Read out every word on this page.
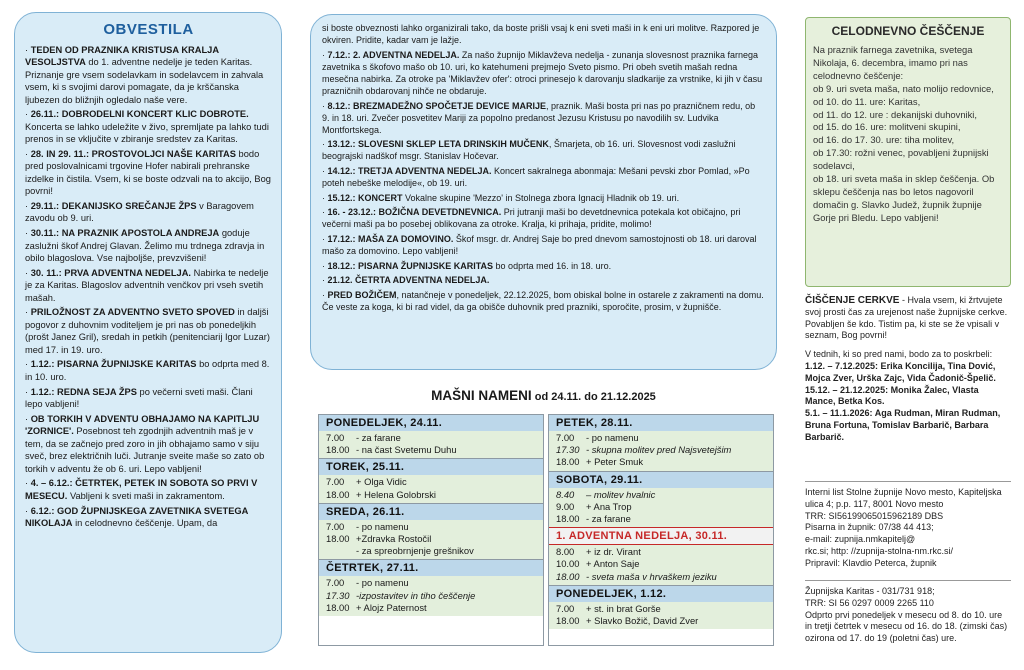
OBVESTILA
· TEDEN OD PRAZNIKA KRISTUSA KRALJA VESOLJSTVA do 1. adventne nedelje je teden Karitas. Priznanje gre vsem sodelavkam in sodelavcem in zahvala vsem, ki s svojimi darovi pomagate, da je krščanska ljubezen do bližnjih ogledalo naše vere.
· 26.11.: DOBRODELNI KONCERT KLIC DOBROTE. Koncerta se lahko udeležite v živo, spremljate pa lahko tudi prenos in se vključite v zbiranje sredstev za Karitas.
· 28. IN 29. 11.: PROSTOVOLJCI NAŠE KARITAS bodo pred poslovalnicami trgovine Hofer nabirali prehranske izdelke in čistila. Vsem, ki se boste odzvali na to akcijo, Bog povrni!
· 29.11.: DEKANIJSKO SREČANJE ŽPS v Baragovem zavodu ob 9. uri.
· 30.11.: NA PRAZNIK APOSTOLA ANDREJA goduje zaslužni škof Andrej Glavan. Želimo mu trdnega zdravja in obilo blagoslova. Vse najboljše, prevzvišeni!
· 30. 11.: PRVA ADVENTNA NEDELJA. Nabirka te nedelje je za Karitas. Blagoslov adventnih venčkov pri vseh svetih mašah.
· PRILOŽNOST ZA ADVENTNO SVETO SPOVED in daljši pogovor z duhovnim voditeljem je pri nas ob ponedeljkih (prošt Janez Gril), sredah in petkih (penitenciarij Igor Luzar) med 17. in 19. uro.
· 1.12.: PISARNA ŽUPNIJSKE KARITAS bo odprta med 8. in 10. uro.
· 1.12.: REDNA SEJA ŽPS po večerni sveti maši. Člani lepo vabljeni!
· OB TORKIH V ADVENTU OBHAJAMO NA KAPITLJU 'ZORNICE'. Posebnost teh zgodnjih adventnih maš je v tem, da se začnejo pred zoro in jih obhajamo samo v siju sveč, brez električnih luči. Jutranje sveite maše so zato ob torkih v adventu že ob 6. uri. Lepo vabljeni!
· 4. – 6.12.: ČETRTEK, PETEK IN SOBOTA SO PRVI V MESECU. Vabljeni k sveti maši in zakramentom.
· 6.12.: GOD ŽUPNIJSKEGA ZAVETNIKA SVETEGA NIKOLAJA in celodnevno češčenje. Upam, da
si boste obveznosti lahko organizirali tako, da boste prišli vsaj k eni sveti maši in k eni uri molitve. Razpored je okviren. Pridite, kadar vam je lažje.
· 7.12.: 2. ADVENTNA NEDELJA. Za našo župnijo Miklavževa nedelja - zunanja slovesnost praznika farnega zavetnika s škofovo mašo ob 10. uri, ko katehumeni prejmejo Sveto pismo. Pri obeh svetih mašah redna mesečna nabirka. Za otroke pa 'Miklavžev ofer': otroci prinesejo k darovanju sladkarije za vrstnike, ki jih v času prazničnih obdarovanj nihče ne obdaruje.
· 8.12.: BREZMADEŽNO SPOČETJE DEVICE MARIJE, praznik. Maši bosta pri nas po prazničnem redu, ob 9. in 18. uri. Zvečer posvetitev Mariji za popolno predanost Jezusu Kristusu po navodilih sv. Ludvika Montfortskega.
· 13.12.: SLOVESNI SKLEP LETA DRINSKIH MUČENK, Šmarjeta, ob 16. uri. Slovesnost vodi zaslužni beograjski nadškof msgr. Stanislav Hočevar.
· 14.12.: TRETJA ADVENTNA NEDELJA. Koncert sakralnega abonmaja: Mešani pevski zbor Pomlad, »Po poteh nebeške melodije«, ob 19. uri.
· 15.12.: KONCERT Vokalne skupine 'Mezzo' in Stolnega zbora Ignacij Hladnik ob 19. uri.
· 16. - 23.12.: BOŽIČNA DEVETDNEVNICA. Pri jutranji maši bo devetdnevnica potekala kot običajno, pri večerni maši pa bo posebej oblikovana za otroke. Kralja, ki prihaja, pridite, molimo!
· 17.12.: MAŠA ZA DOMOVINO. Škof msgr. dr. Andrej Saje bo pred dnevom samostojnosti ob 18. uri daroval mašo za domovino. Lepo vabljeni!
· 18.12.: PISARNA ŽUPNIJSKE KARITAS bo odprta med 16. in 18. uro.
· 21.12. ČETRTA ADVENTNA NEDELJA.
· PRED BOŽIČEM, natančneje v ponedeljek, 22.12.2025, bom obiskal bolne in ostarele z zakramenti na domu. Če veste za koga, ki bi rad videl, da ga obišče duhovnik pred prazniki, sporočite, prosim, v župnišče.
MAŠNI NAMENI od 24.11. do 21.12.2025
PONEDELJEK, 24.11.
7.00	- za farane
18.00 - na čast Svetemu Duhu
TOREK, 25.11.
7.00	+ Olga Vidic
18.00 + Helena Golobrski
SREDA, 26.11.
7.00	- po namenu
18.00 +Zdravka Rostočil
- za spreobrnjenje grešnikov
ČETRTEK, 27.11.
7.00	- po namenu
17.30 -izpostavitev in tiho češčenje
18.00 + Alojz Paternost
PETEK, 28.11.
7.00	- po namenu
17.30 - skupna molitev pred Najsvetejšim
18.00 + Peter Smuk
SOBOTA, 29.11.
8.40	– molitev hvalnic
9.00	+ Ana Trop
18.00 - za farane
1. ADVENTNA NEDELJA, 30.11.
8.00	+ iz dr. Virant
10.00 + Anton Saje
18.00 - sveta maša v hrvaškem jeziku
PONEDELJEK, 1.12.
7.00	+ st. in brat Gorše
18.00 + Slavko Božič, David Zver
CELODNEVNO ČEŠČENJE

Na praznik farnega zavetnika, svetega Nikolaja, 6. decembra, imamo pri nas celodnevno češčenje:

ob 9. uri sveta maša, nato molijo redovnice,

od 10. do 11. ure: Karitas,

od 11. do 12. ure : dekanijski duhovniki,

od 15. do 16. ure: molitveni skupini,

od 16. do 17. 30. ure: tiha molitev,

ob 17.30: rožni venec, povabljeni župnijski sodelavci,

ob 18. uri sveta maša in sklep češčenja. Ob sklepu češčenja nas bo letos nagovoril domačin g. Slavko Judež, župnik župnije Gorje pri Bledu. Lepo vabljeni!

ČIŠČENJE CERKVE - Hvala vsem, ki žrtvujete svoj prosti čas za urejenost naše župnijske cerkve. Povabljen še kdo. Tistim pa, ki ste se že vpisali v seznam, Bog povrni!
V tednih, ki so pred nami, bodo za to poskrbeli:
1.12. – 7.12.2025: Erika Koncilija, Tina Dović, Mojca Zver, Urška Zajc, Vida Čadonič-Špelič.
15.12. – 21.12.2025: Monika Žalec, Vlasta Mance, Betka Kos.
5.1. – 11.1.2026: Aga Rudman, Miran Rudman, Bruna Fortuna, Tomislav Barbarič, Barbara Barbarič.
Interni list Stolne župnije Novo mesto, Kapiteljska ulica 4; p.p. 117, 8001 Novo mesto
TRR: SI56199065015962189 DBS
Pisarna in župnik: 07/38 44 413;
e-mail: zupnija.nmkapitelj@
rkc.si; http: //zupnija-stolna-nm.rkc.si/
Pripravil: Klavdio Peterca, župnik
Župnijska Karitas - 031/731 918;
TRR: SI 56 0297 0009 2265 110
Odprto prvi ponedeljek v mesecu od 8. do 10. ure in tretji četrtek v mesecu od 16. do 18. (zimski čas) ozirona od 17. do 19 (poletni čas) ure.
